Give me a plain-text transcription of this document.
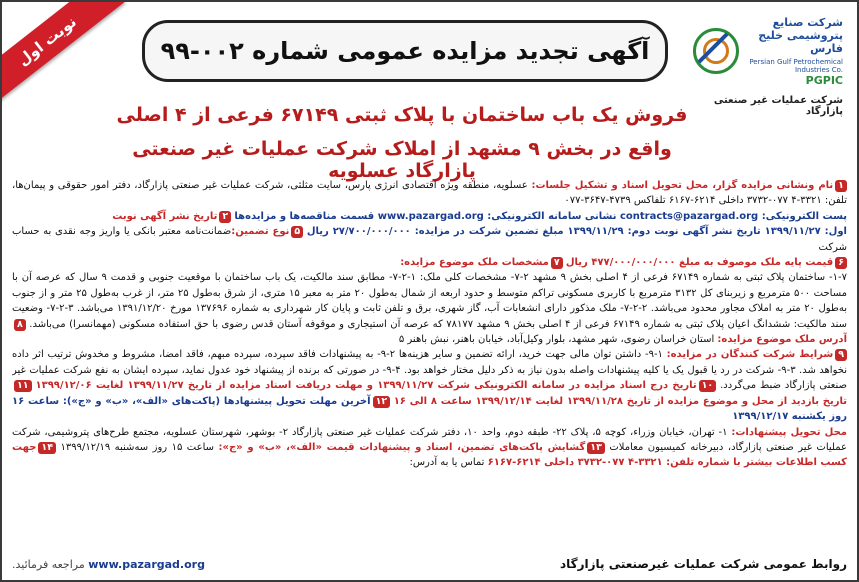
نوبت اول	شرکت صنایع پتروشیمی خلیج فارس
Persian Gulf Petrochemical Industries Co.
PGPIC
شرکت عملیات غیر صنعتی پازارگاد
آگهی تجدید مزایده عمومی شماره ۰۰۲-۹۹
فروش یک باب ساختمان با پلاک ثبتی ۶۷۱۴۹ فرعی از ۴ اصلی
واقع در بخش ۹ مشهد از املاک شرکت عملیات غیر صنعتی پازارگاد عسلویه

۱نام ونشانی مزایده گزار، محل تحویل اسناد و تشکیل جلسات: عسلویه، منطقه ویژه اقتصادی انرژی پارس، سایت مثلثی، شرکت عملیات غیر صنعتی پازارگاد، دفتر امور حقوقی و پیمان‌ها، تلفن: ۳۳۲۱-۴ ۰۷۷-۳۷۳۲ داخلی ۶۲۱۴-۶۱۶۷ تلفاکس ۴۷۳۹-۳۶۴۷-۰۷۷

پست الکترونیکی: contracts@pazargad.org نشانی سامانه الکترونیکی: www.pazargad.org قسمت مناقصه‌ها و مزایده‌ها ۲تاریخ نشر آگهی نوبت

اول: ۱۳۹۹/۱۱/۲۷ تاریخ نشر آگهی نوبت دوم: ۱۳۹۹/۱۱/۲۹ مبلغ تضمین شرکت در مزایده: ۲۷/۷۰۰/۰۰۰/۰۰۰ ریال ۵نوع تضمین:ضمانت‌نامه معتبر بانکی یا واریز وجه نقدی به حساب شرکت

۶قیمت پایه ملک موصوف به مبلغ ۴۷۷/۰۰۰/۰۰۰/۰۰۰ ریال ۷مشخصات ملک موضوع مزایده:

۱-۷- ساختمان پلاک ثبتی به شماره ۶۷۱۴۹ فرعی از ۴ اصلی بخش ۹ مشهد ۲-۷- مشخصات کلی ملک: ۱-۲-۷- مطابق سند مالکیت، یک باب ساختمان با موقعیت جنوبی و قدمت ۹ سال که عرصه آن با مساحت ۵۰۰ مترمربع و زیربنای کل ۳۱۳۲ مترمربع با کاربری مسکونی تراکم متوسط و حدود اربعه از شمال به‌طول ۲۰ متر به معبر ۱۵ متری، از شرق به‌طول ۲۵ متر، از غرب به‌طول ۲۵ متر و از جنوب به‌طول ۲۰ متر به املاک مجاور محدود می‌باشد. ۲-۲-۷- ملک مذکور دارای انشعابات آب، گاز شهری، برق و تلفن ثابت و پایان کار شهرداری به شماره ۱۳۷۶۹۶ مورخ ۱۳۹۱/۱۲/۲۰ می‌باشد. ۳-۲-۷- وضعیت سند مالکیت: ششدانگ اعیان پلاک ثبتی به شماره ۶۷۱۴۹ فرعی از ۴ اصلی بخش ۹ مشهد ۷۸۱۷۷ که عرصه آن استیجاری و موقوفه آستان قدس رضوی با حق استفاده مسکونی (مهمانسرا) می‌باشد. ۸آدرس ملک موضوع مزایده: استان خراسان رضوی، شهر مشهد، بلوار وکیل‌آباد، خیابان باهنر، نبش باهنر ۵

۹شرایط شرکت کنندگان در مزایده: ۱-۹- داشتن توان مالی جهت خرید، ارائه تضمین و سایر هزینه‌ها ۲-۹- به پیشنهادات فاقد سپرده، سپرده مبهم، فاقد امضا، مشروط و مخدوش ترتیب اثر داده نخواهد شد. ۳-۹- شرکت در رد یا قبول یک یا کلیه پیشنهادات واصله بدون نیاز به ذکر دلیل مختار خواهد بود. ۴-۹- در صورتی که برنده از پیشنهاد خود عدول نماید، سپرده ایشان به نفع شرکت عملیات غیر صنعتی پازارگاد ضبط می‌گردد. ۱۰تاریخ درج اسناد مزایده در سامانه الکترونیکی شرکت ۱۳۹۹/۱۱/۲۷ و مهلت دریافت اسناد مزایده از تاریخ ۱۳۹۹/۱۱/۲۷ لغایت ۱۳۹۹/۱۲/۰۶ ۱۱تاریخ بازدید از محل و موضوع مزایده از تاریخ ۱۳۹۹/۱۱/۲۸ لغایت ۱۳۹۹/۱۲/۱۴ ساعت ۸ الی ۱۶ ۱۲آخرین مهلت تحویل پیشنهادها (پاکت‌های «الف»، «ب» و «ج»): ساعت ۱۶ روز یکشنبه ۱۳۹۹/۱۲/۱۷

محل تحویل پیشنهادات: ۱- تهران، خیابان وزراء، کوچه ۵، پلاک ۲۲- طبقه دوم، واحد ۱۰، دفتر شرکت عملیات غیر صنعتی پازارگاد ۲- بوشهر، شهرستان عسلویه، مجتمع طرح‌های پتروشیمی، شرکت عملیات غیر صنعتی پازارگاد، دبیرخانه کمیسیون معاملات ۱۳گشایش پاکت‌های تضمین، اسناد و پیشنهادات قیمت «الف»، «ب» و «ج»: ساعت ۱۵ روز سه‌شنبه ۱۳۹۹/۱۲/۱۹ ۱۴جهت کسب اطلاعات بیشتر با شماره تلفن: ۳۳۲۱-۴ ۰۷۷-۳۷۳۲ داخلی ۶۲۱۴-۶۱۶۷ تماس یا به آدرس:

روابط عمومی شرکت عملیات غیرصنعتی پازارگاد
www.pazargad.org مراجعه فرمائید.
